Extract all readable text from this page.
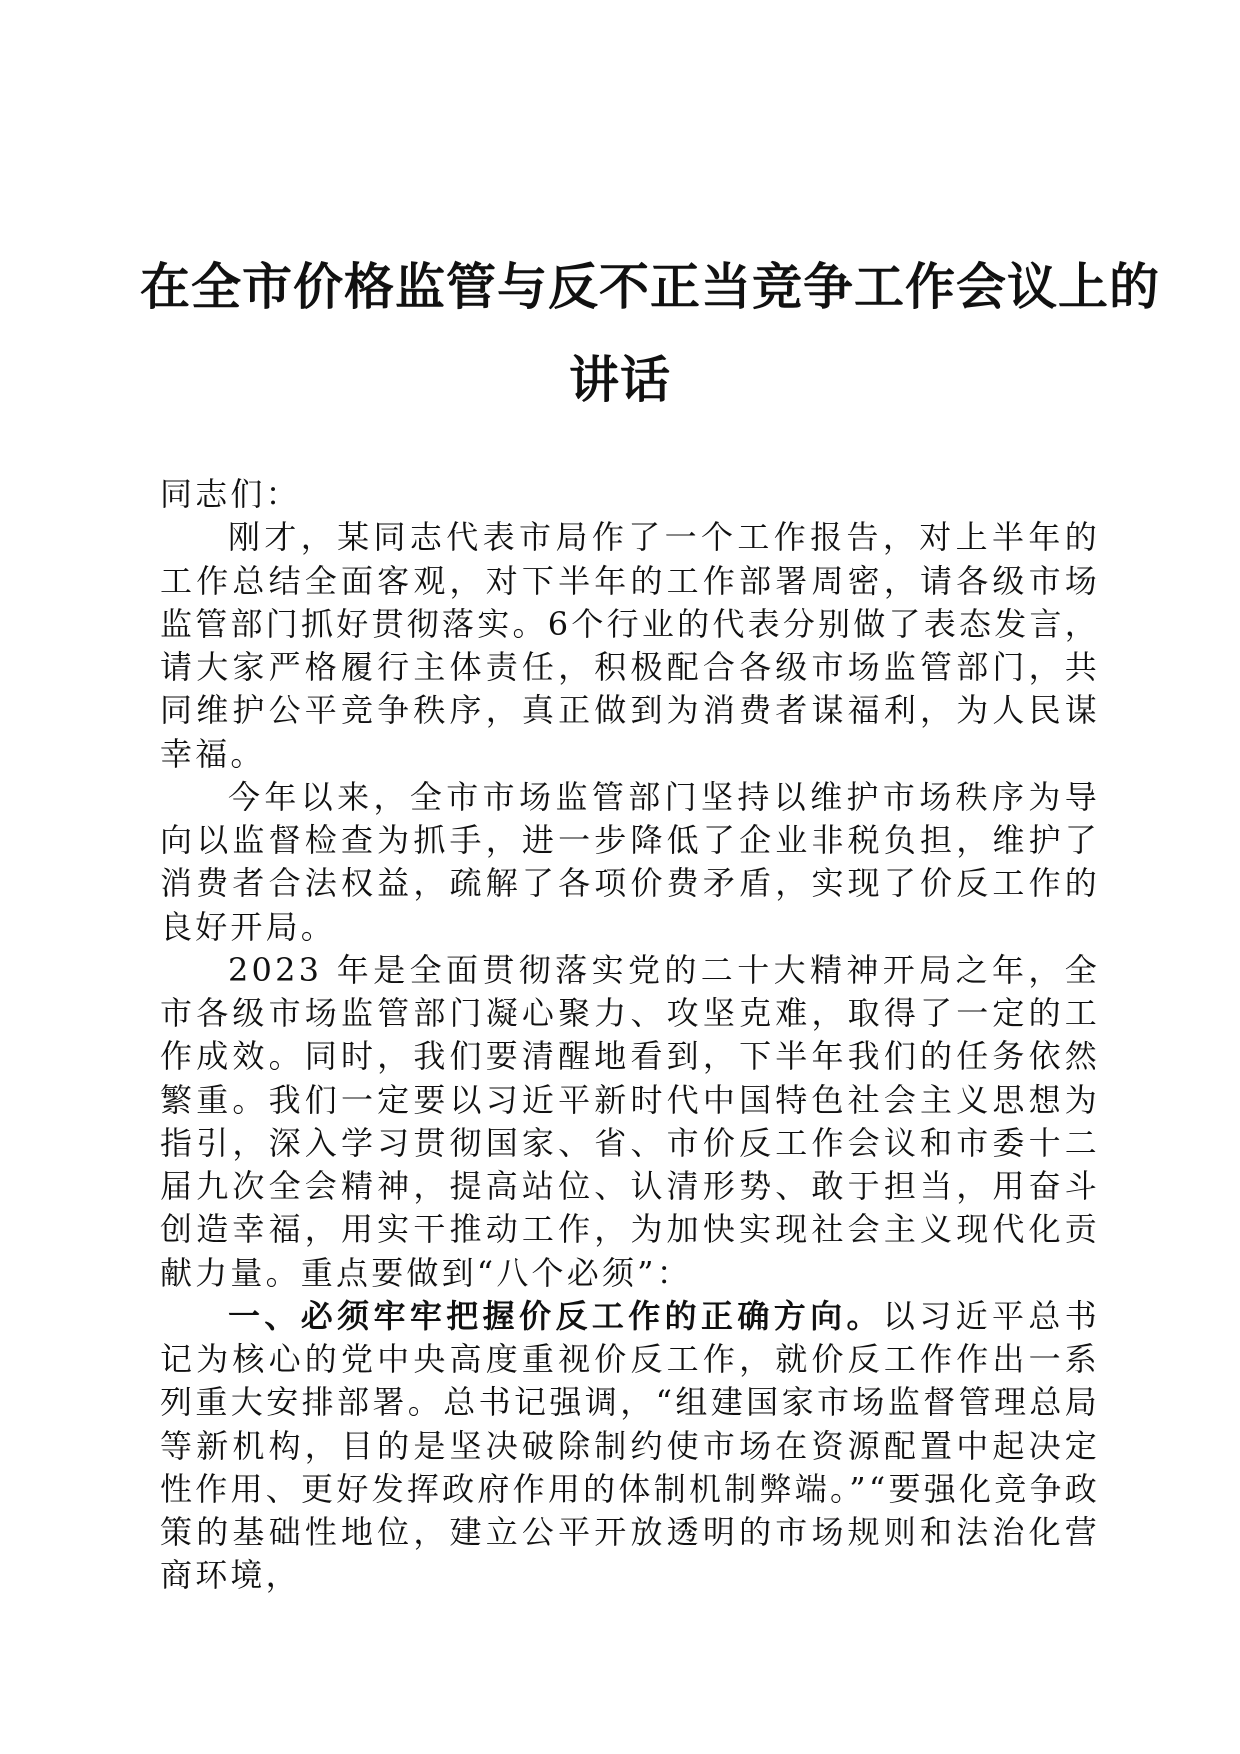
在全市价格监管与反不正当竞争工作会议上的
讲话

同志们：

刚才，某同志代表市局作了一个工作报告，对上半年的工作总结全面客观，对下半年的工作部署周密，请各级市场监管部门抓好贯彻落实。6个行业的代表分别做了表态发言，请大家严格履行主体责任，积极配合各级市场监管部门，共同维护公平竞争秩序，真正做到为消费者谋福利，为人民谋幸福。

今年以来，全市市场监管部门坚持以维护市场秩序为导向以监督检查为抓手，进一步降低了企业非税负担，维护了消费者合法权益，疏解了各项价费矛盾，实现了价反工作的良好开局。

2023 年是全面贯彻落实党的二十大精神开局之年，全市各级市场监管部门凝心聚力、攻坚克难，取得了一定的工作成效。同时，我们要清醒地看到，下半年我们的任务依然繁重。我们一定要以习近平新时代中国特色社会主义思想为指引，深入学习贯彻国家、省、市价反工作会议和市委十二届九次全会精神，提高站位、认清形势、敢于担当，用奋斗创造幸福，用实干推动工作，为加快实现社会主义现代化贡献力量。重点要做到“八个必须”：

一、必须牢牢把握价反工作的正确方向。以习近平总书记为核心的党中央高度重视价反工作，就价反工作作出一系列重大安排部署。总书记强调，“组建国家市场监督管理总局等新机构，目的是坚决破除制约使市场在资源配置中起决定性作用、更好发挥政府作用的体制机制弊端。”“要强化竞争政策的基础性地位，建立公平开放透明的市场规则和法治化营商环境，
